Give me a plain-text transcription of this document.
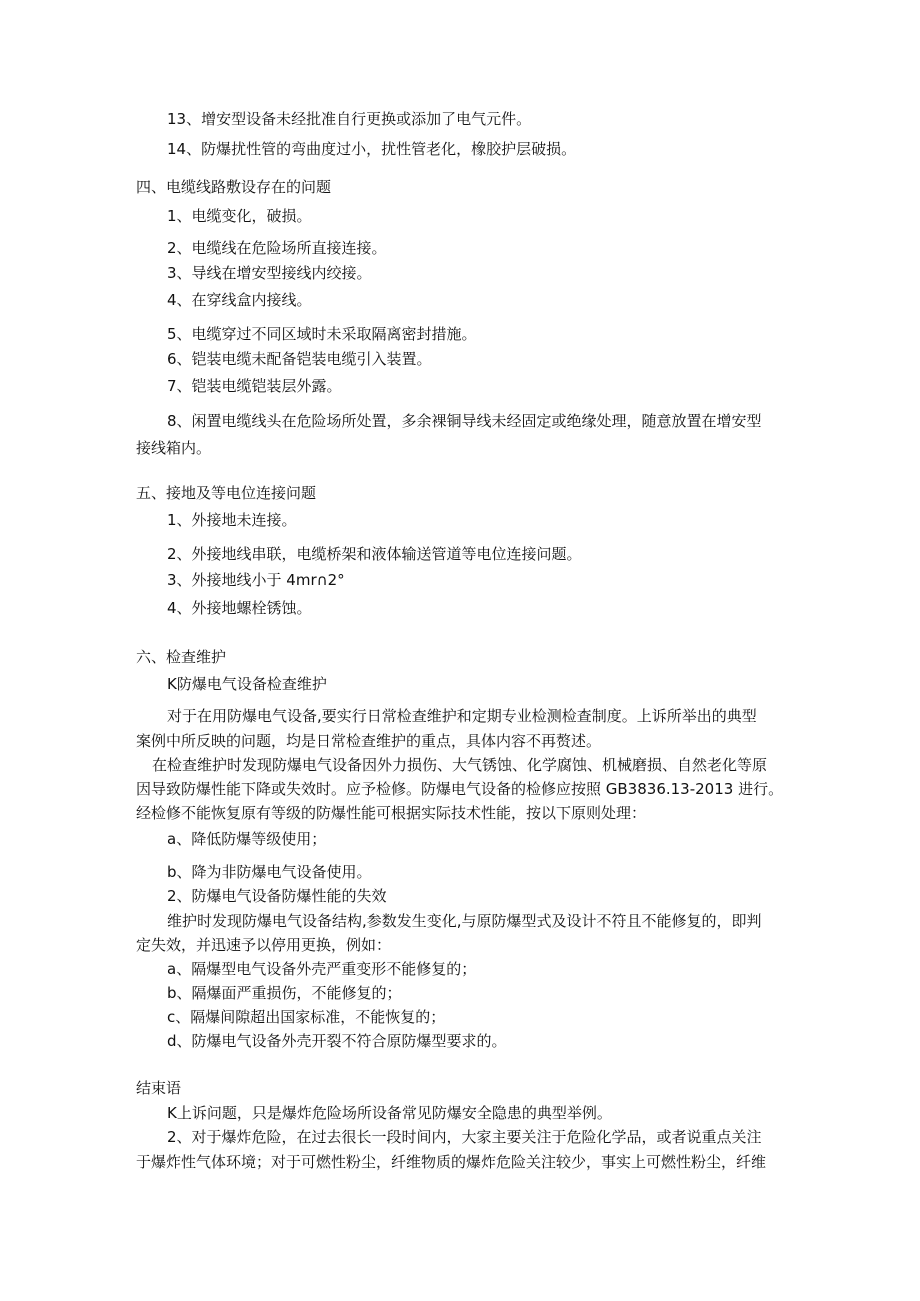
13、增安型设备未经批准自行更换或添加了电气元件。

14、防爆扰性管的弯曲度过小，扰性管老化，橡胶护层破损。

四、电缆线路敷设存在的问题

1、电缆变化，破损。

2、电缆线在危险场所直接连接。

3、导线在增安型接线内绞接。

4、在穿线盒内接线。

5、电缆穿过不同区域时未采取隔离密封措施。

6、铠装电缆未配备铠装电缆引入装置。

7、铠装电缆铠装层外露。

8、闲置电缆线头在危险场所处置，多余裸铜导线未经固定或绝缘处理，随意放置在增安型

接线箱内。

五、接地及等电位连接问题

1、外接地未连接。

2、外接地线串联，电缆桥架和液体输送管道等电位连接问题。

3、外接地线小于 4mr∩2°

4、外接地螺栓锈蚀。

六、检查维护

K防爆电气设备检查维护

对于在用防爆电气设备,要实行日常检查维护和定期专业检测检查制度。上诉所举出的典型

案例中所反映的问题，均是日常检查维护的重点，具体内容不再赘述。

在检查维护时发现防爆电气设备因外力损伤、大气锈蚀、化学腐蚀、机械磨损、自然老化等原

因导致防爆性能下降或失效时。应予检修。防爆电气设备的检修应按照 GB3836.13-2013 进行。

经检修不能恢复原有等级的防爆性能可根据实际技术性能，按以下原则处理：

a、降低防爆等级使用；

b、降为非防爆电气设备使用。

2、防爆电气设备防爆性能的失效

维护时发现防爆电气设备结构,参数发生变化,与原防爆型式及设计不符且不能修复的，即判

定失效，并迅速予以停用更换，例如：

a、隔爆型电气设备外壳严重变形不能修复的；

b、隔爆面严重损伤，不能修复的；

c、隔爆间隙超出国家标准，不能恢复的；

d、防爆电气设备外壳开裂不符合原防爆型要求的。

结束语

K上诉问题，只是爆炸危险场所设备常见防爆安全隐患的典型举例。

2、对于爆炸危险，在过去很长一段时间内，大家主要关注于危险化学品，或者说重点关注

于爆炸性气体环境；对于可燃性粉尘，纤维物质的爆炸危险关注较少，事实上可燃性粉尘，纤维
